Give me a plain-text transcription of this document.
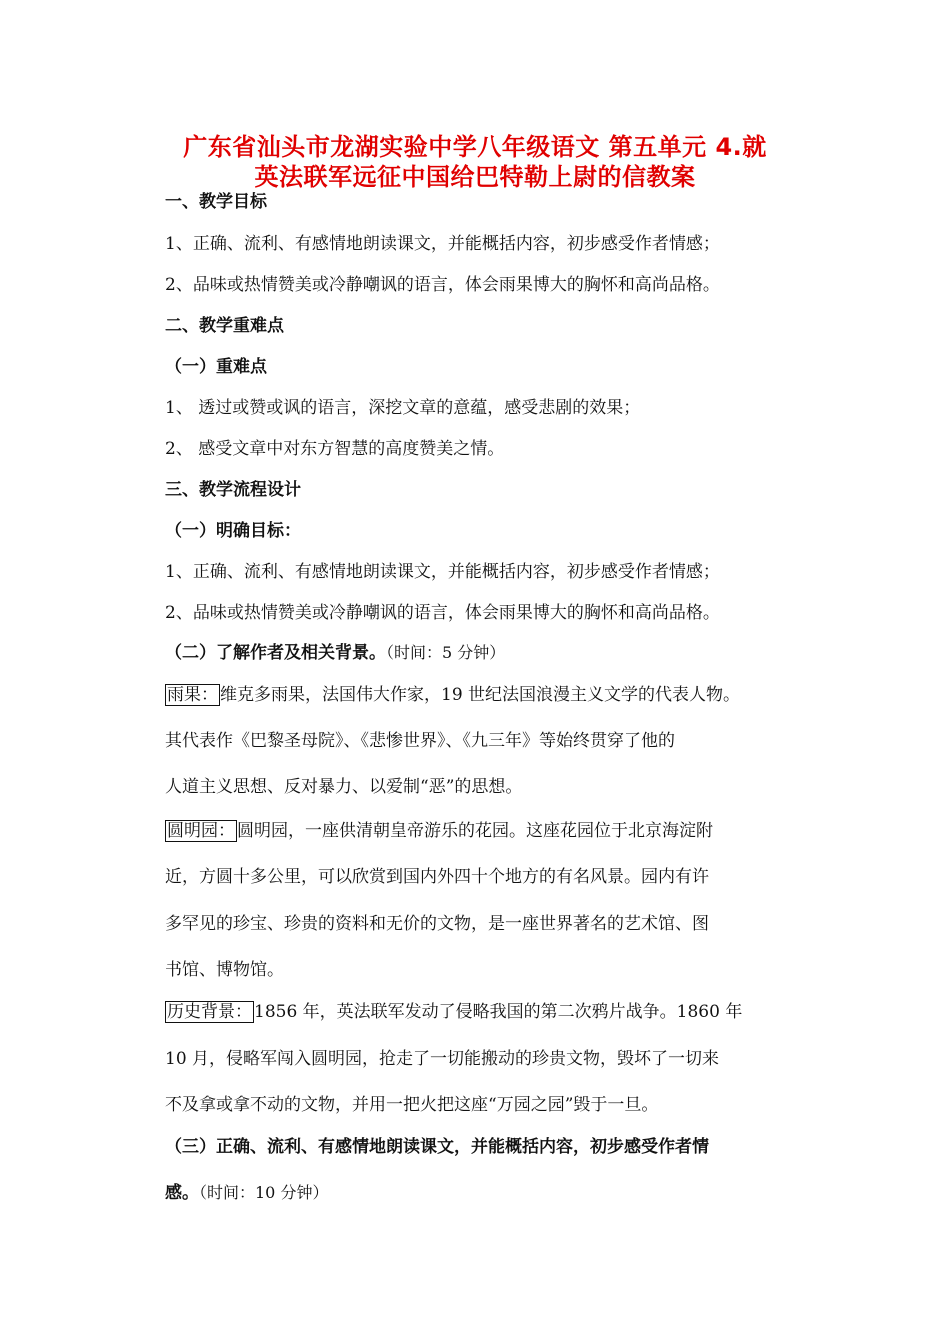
广东省汕头市龙湖实验中学八年级语文 第五单元 4.就
英法联军远征中国给巴特勒上尉的信教案
一、教学目标
1、正确、流利、有感情地朗读课文，并能概括内容，初步感受作者情感；
2、品味或热情赞美或冷静嘲讽的语言，体会雨果博大的胸怀和高尚品格。
二、教学重难点
（一）重难点
1、 透过或赞或讽的语言，深挖文章的意蕴，感受悲剧的效果；
2、 感受文章中对东方智慧的高度赞美之情。
三、教学流程设计
（一）明确目标：
1、正确、流利、有感情地朗读课文，并能概括内容，初步感受作者情感；
2、品味或热情赞美或冷静嘲讽的语言，体会雨果博大的胸怀和高尚品格。
（二）了解作者及相关背景。（时间：5 分钟）
雨果： 维克多雨果，法国伟大作家，19 世纪法国浪漫主义文学的代表人物。
其代表作《巴黎圣母院》、《悲惨世界》、《九三年》等始终贯穿了他的
人道主义思想、反对暴力、以爱制“恶”的思想。
圆明园： 圆明园，一座供清朝皇帝游乐的花园。这座花园位于北京海淀附
近，方圆十多公里，可以欣赏到国内外四十个地方的有名风景。园内有许
多罕见的珍宝、珍贵的资料和无价的文物，是一座世界著名的艺术馆、图
书馆、博物馆。
历史背景： 1856 年，英法联军发动了侵略我国的第二次鸦片战争。1860 年
10 月，侵略军闯入圆明园，抢走了一切能搬动的珍贵文物，毁坏了一切来
不及拿或拿不动的文物，并用一把火把这座“万园之园”毁于一旦。
（三）正确、流利、有感情地朗读课文，并能概括内容，初步感受作者情
感。（时间：10 分钟）
